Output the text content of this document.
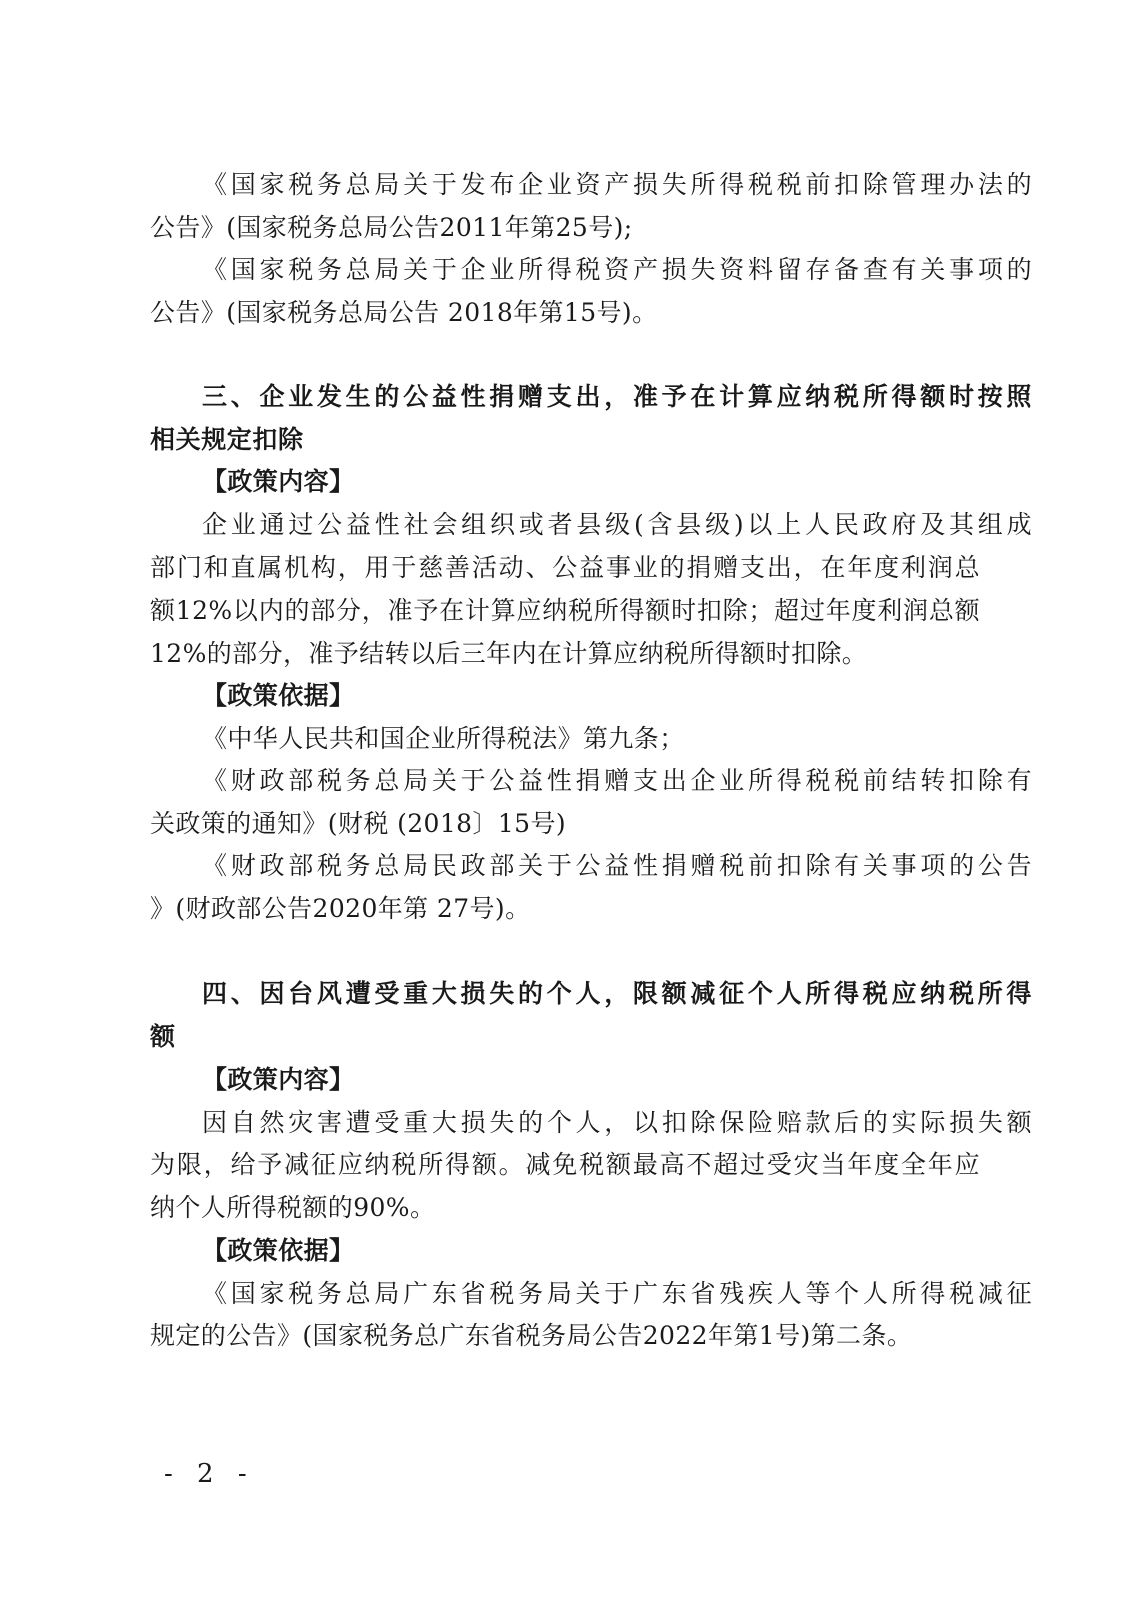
《国家税务总局关于发布企业资产损失所得税税前扣除管理办法的
公告》(国家税务总局公告2011年第25号);
《国家税务总局关于企业所得税资产损失资料留存备查有关事项的
公告》(国家税务总局公告 2018年第15号)。
三、企业发生的公益性捐赠支出，准予在计算应纳税所得额时按照
相关规定扣除
【政策内容】
企业通过公益性社会组织或者县级(含县级)以上人民政府及其组成
部门和直属机构，用于慈善活动、公益事业的捐赠支出，在年度利润总
额12%以内的部分，准予在计算应纳税所得额时扣除；超过年度利润总额
12%的部分，准予结转以后三年内在计算应纳税所得额时扣除。
【政策依据】
《中华人民共和国企业所得税法》第九条；
《财政部税务总局关于公益性捐赠支出企业所得税税前结转扣除有
关政策的通知》(财税 (2018〕15号)
《财政部税务总局民政部关于公益性捐赠税前扣除有关事项的公告
》(财政部公告2020年第 27号)。
四、因台风遭受重大损失的个人，限额减征个人所得税应纳税所得
额
【政策内容】
因自然灾害遭受重大损失的个人，以扣除保险赔款后的实际损失额
为限，给予减征应纳税所得额。减免税额最高不超过受灾当年度全年应
纳个人所得税额的90%。
【政策依据】
《国家税务总局广东省税务局关于广东省残疾人等个人所得税减征
规定的公告》(国家税务总广东省税务局公告2022年第1号)第二条。
- 2 -
